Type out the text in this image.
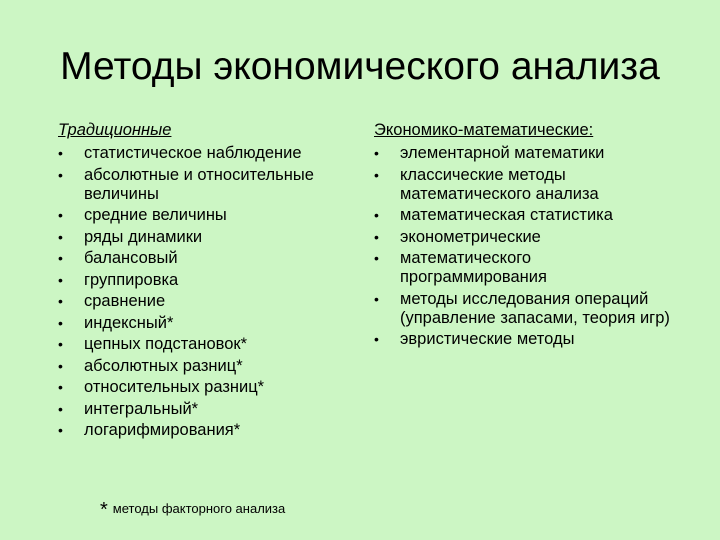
Методы экономического анализа
Традиционные
•	статистическое наблюдение
•	абсолютные и относительные величины
•	средние величины
•	ряды динамики
•	балансовый
•	группировка
•	сравнение
•	индексный*
•	цепных подстановок*
•	абсолютных разниц*
•	относительных разниц*
•	интегральный*
•	логарифмирования*
Экономико-математические:
•	элементарной математики
•	классические методы математического анализа
•	математическая статистика
•	эконометрические
•	математического программирования
•	методы исследования операций (управление запасами, теория игр)
•	эвристические методы
* методы факторного анализа
